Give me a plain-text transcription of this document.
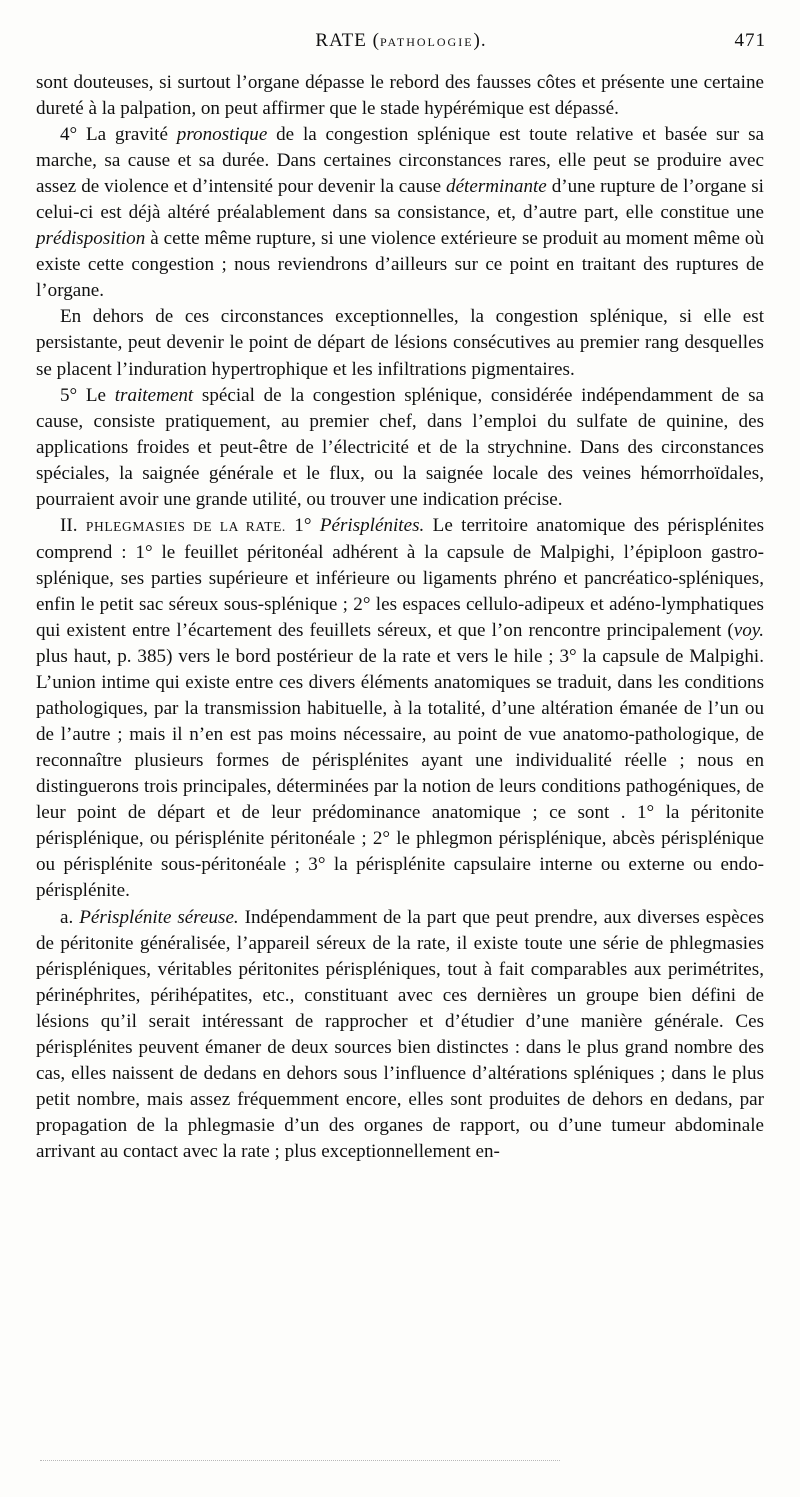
RATE (PATHOLOGIE).	471

sont douteuses, si surtout l’organe dépasse le rebord des fausses côtes et présente une certaine dureté à la palpation, on peut affirmer que le stade hypérémique est dépassé.

4° La gravité pronostique de la congestion splénique est toute relative et basée sur sa marche, sa cause et sa durée. Dans certaines circonstances rares, elle peut se produire avec assez de violence et d’intensité pour devenir la cause déterminante d’une rupture de l’organe si celui-ci est déjà altéré préalablement dans sa consistance, et, d’autre part, elle constitue une prédisposition à cette même rupture, si une violence extérieure se produit au moment même où existe cette congestion ; nous reviendrons d’ailleurs sur ce point en traitant des ruptures de l’organe.

En dehors de ces circonstances exceptionnelles, la congestion splénique, si elle est persistante, peut devenir le point de départ de lésions consécutives au premier rang desquelles se placent l’induration hypertrophique et les infiltrations pigmentaires.

5° Le traitement spécial de la congestion splénique, considérée indépendamment de sa cause, consiste pratiquement, au premier chef, dans l’emploi du sulfate de quinine, des applications froides et peut-être de l’électricité et de la strychnine. Dans des circonstances spéciales, la saignée générale et le flux, ou la saignée locale des veines hémorrhoïdales, pourraient avoir une grande utilité, ou trouver une indication précise.

II. PHLEGMASIES DE LA RATE. 1° Périsplénites. Le territoire anatomique des périsplénites comprend : 1° le feuillet péritonéal adhérent à la capsule de Malpighi, l’épiploon gastro-splénique, ses parties supérieure et inférieure ou ligaments phréno et pancréatico-spléniques, enfin le petit sac séreux sous-splénique ; 2° les espaces cellulo-adipeux et adéno-lymphatiques qui existent entre l’écartement des feuillets séreux, et que l’on rencontre principalement (voy. plus haut, p. 385) vers le bord postérieur de la rate et vers le hile ; 3° la capsule de Malpighi. L’union intime qui existe entre ces divers éléments anatomiques se traduit, dans les conditions pathologiques, par la transmission habituelle, à la totalité, d’une altération émanée de l’un ou de l’autre ; mais il n’en est pas moins nécessaire, au point de vue anatomo-pathologique, de reconnaître plusieurs formes de périsplénites ayant une individualité réelle ; nous en distinguerons trois principales, déterminées par la notion de leurs conditions pathogéniques, de leur point de départ et de leur prédominance anatomique ; ce sont . 1° la péritonite périsplénique, ou périsplénite péritonéale ; 2° le phlegmon périsplénique, abcès périsplénique ou périsplénite sous-péritonéale ; 3° la périsplénite capsulaire interne ou externe ou endo-périsplénite.

a. Périsplénite séreuse. Indépendamment de la part que peut prendre, aux diverses espèces de péritonite généralisée, l’appareil séreux de la rate, il existe toute une série de phlegmasies périspléniques, véritables péritonites périspléniques, tout à fait comparables aux perimétrites, périnéphrites, périhépatites, etc., constituant avec ces dernières un groupe bien défini de lésions qu’il serait intéressant de rapprocher et d’étudier d’une manière générale. Ces périsplénites peuvent émaner de deux sources bien distinctes : dans le plus grand nombre des cas, elles naissent de dedans en dehors sous l’influence d’altérations spléniques ; dans le plus petit nombre, mais assez fréquemment encore, elles sont produites de dehors en dedans, par propagation de la phlegmasie d’un des organes de rapport, ou d’une tumeur abdominale arrivant au contact avec la rate ; plus exceptionnellement en-
